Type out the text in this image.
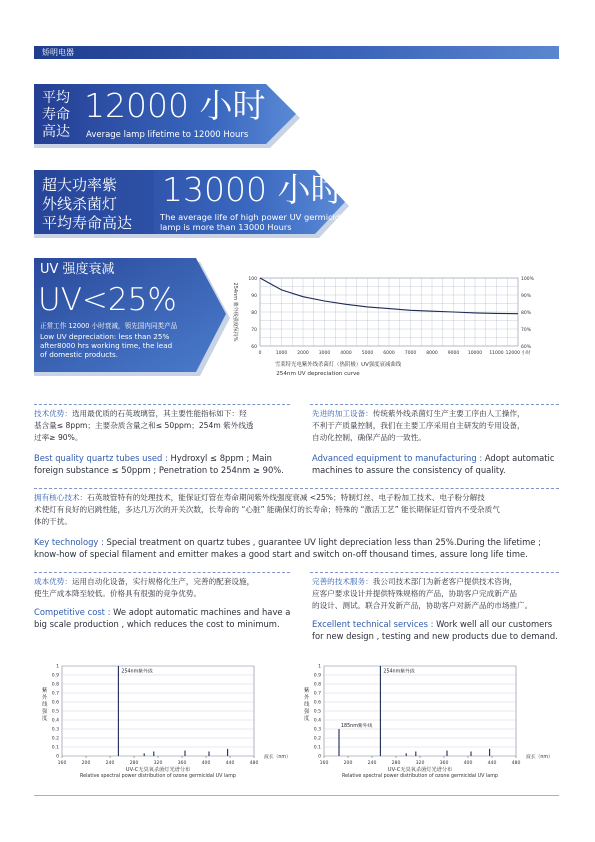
矫明电器
平均
寿命
高达
12000 小时
Average lamp lifetime to 12000 Hours
超大功率紫
外线杀菌灯
平均寿命高达
13000 小时
The average life of high power UV germicidal
lamp is more than 13000 Hours
UV 强度衰减
UV<25%
正常工作 12000 小时衰减，领先国内同类产品
Low UV depreciation: less than 25%
after8000 hrs working time, the lead
of domestic products.
100	100%
90	90%
80	80%
70	70%
60	60%
0	1000 2000 3000 4000 5000 6000 7000 8000 9000 10000 11000 12000 小时
254nm 紫外线强度保持%
雪莱特光电紫外线杀菌灯（热阴极）UV强度衰减曲线
254nm UV depreciation curve
技术优势：选用最优质的石英玻璃管，其主要性能指标如下：羟
基含量≤ 8ppm；主要杂质含量之和≤ 50ppm；254m 紫外线透
过率≥ 90%。
Best quality quartz tubes used : Hydroxyl ≤ 8ppm ; Main
foreign substance ≤ 50ppm ; Penetration to 254nm ≥ 90%.
先进的加工设备：传统紫外线杀菌灯生产主要工序由人工操作，
不利于产质量控制，我们在主要工序采用自主研发的专用设备，
自动化控制，确保产品的一致性。
Advanced equipment to manufacturing : Adopt automatic
machines to assure the consistency of quality.
拥有核心技术：石英玻管特有的处理技术，能保证灯管在寿命期间紫外线强度衰减 <25%；特制灯丝、电子粉加工技术、电子粉分解技
术使灯有良好的启跳性能，多达几万次的开关次数，长寿命的 “心脏” 能确保灯的长寿命；特殊的 “激活工艺” 能长期保证灯管内不受杂质气
体的干扰。
Key technology : Special treatment on quartz tubes , guarantee UV light depreciation less than 25%.During the lifetime ;
know-how of special filament and emitter makes a good start and switch on-off thousand times, assure long life time.
成本优势：运用自动化设备，实行规格化生产，完善的配套设施，
使生产成本降至较低。价格具有很强的竞争优势。
Competitive cost : We adopt automatic machines and have a
big scale production , which reduces the cost to minimum.
完善的技术服务：我公司技术部门为新老客户提供技术咨询，
应客户要求设计并提供特殊规格的产品，协助客户完成新产品
的设计、测试。联合开发新产品，协助客户对新产品的市场推广。
Excellent technical services : Work well all our customers
for new design , testing and new products due to demand.
0
0.1
0.2
0.3
0.4
0.5
0.6
0.7
0.8
0.9
1
160	200	240	280	320	360	400	440	480
254nm紫外线
紫
外
线
强
度
波长（nm）
UV-C无臭氧杀菌灯光谱分布
Relative spectral power distribution of ozone germicidal UV lamp
0
0.1
0.2
0.3
0.4
0.5
0.6
0.7
0.8
0.9
1
160	200	240	280	320	360	400	440	480
254nm紫外线
185nm紫外线
紫
外
线
强
度
波长（nm）
UV-C无臭氧杀菌灯光谱分布
Relative spectral power distribution of ozone germicidal UV lamp
